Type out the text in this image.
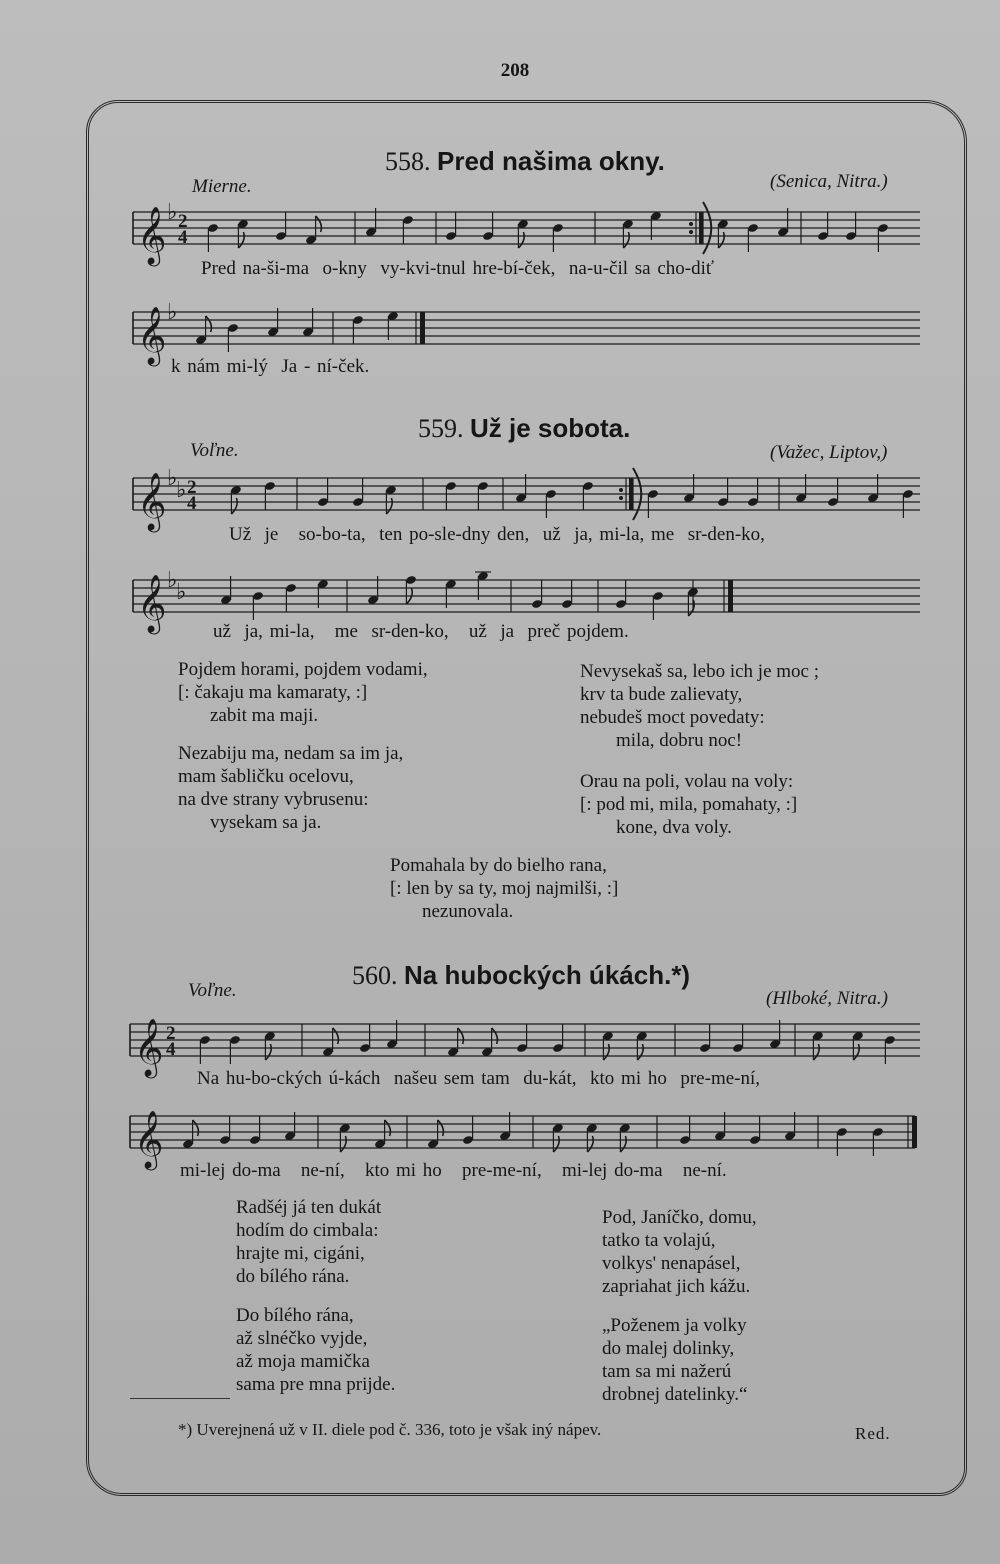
208
558. Pred našima okny.
Mierne.	(Senica, Nitra.)
𝄞 ♭ 2
4
Pred na-ši-ma  o-kny  vy-kvi-tnul hre-bí-ček,  na-u-čil sa cho-diť
𝄞 ♭
k nám mi-lý  Ja - ní-ček.
559. Už je sobota.
Voľne.	(Važec, Liptov,)
𝄞 ♭
♭ 2
4
Už  je   so-bo-ta,  ten po-sle-dny den,  už  ja, mi-la, me  sr-den-ko,
𝄞 ♭
♭
už  ja, mi-la,   me  sr-den-ko,   už  ja  preč pojdem.
Pojdem horami, pojdem vodami,
[: čakaju ma kamaraty, :]
zabit ma maji.
Nezabiju ma, nedam sa im ja,
mam šabličku ocelovu,
na dve strany vybrusenu:
vysekam sa ja.
Nevysekaš sa, lebo ich je moc ;
krv ta bude zalievaty,
nebudeš moct povedaty:
mila, dobru noc!
Orau na poli, volau na voly:
[: pod mi, mila, pomahaty, :]
kone, dva voly.
Pomahala by do bielho rana,
[: len by sa ty, moj najmilši, :]
nezunovala.
560. Na hubockých úkách.*)
Voľne.	(Hlboké, Nitra.)
𝄞 2
4
Na hu-bo-ckých ú-kách  našeu sem tam  du-kát,  kto mi ho  pre-me-ní,
𝄞
mi-lej do-ma   ne-ní,   kto mi ho   pre-me-ní,   mi-lej do-ma   ne-ní.
Radšéj já ten dukát
hodím do cimbala:
hrajte mi, cigáni,
do bílého rána.
Do bílého rána,
až slnéčko vyjde,
až moja mamička
sama pre mna prijde.
Pod, Janíčko, domu,
tatko ta volajú,
volkys' nenapásel,
zapriahat jich kážu.
„Poženem ja volky
do malej dolinky,
tam sa mi nažerú
drobnej datelinky.“
*) Uverejnená už v II. diele pod č. 336, toto je však iný nápev.	Red.
